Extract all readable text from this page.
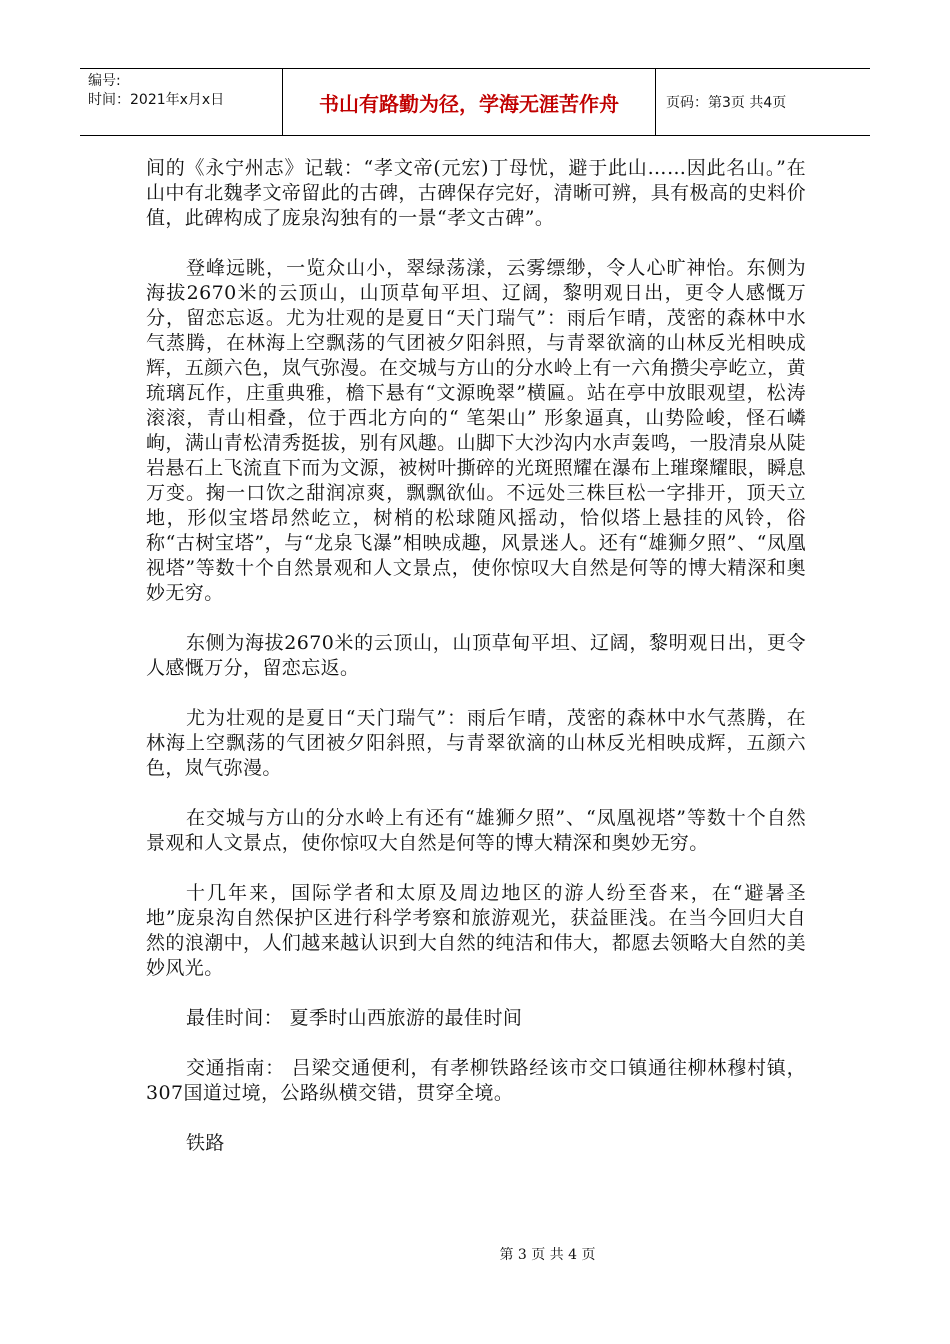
编号:
时间：2021年x月x日	书山有路勤为径，学海无涯苦作舟	页码：第3页 共4页

间的《永宁州志》记载：“孝文帝(元宏)丁母忧，避于此山……因此名山。”在山中有北魏孝文帝留此的古碑，古碑保存完好，清晰可辨，具有极高的史料价值，此碑构成了庞泉沟独有的一景“孝文古碑”。

登峰远眺，一览众山小，翠绿荡漾，云雾缥缈，令人心旷神怡。东侧为海拔2670米的云顶山，山顶草甸平坦、辽阔，黎明观日出，更令人感慨万分，留恋忘返。尤为壮观的是夏日“天门瑞气”：雨后乍晴，茂密的森林中水气蒸腾，在林海上空飘荡的气团被夕阳斜照，与青翠欲滴的山林反光相映成辉，五颜六色，岚气弥漫。在交城与方山的分水岭上有一六角攒尖亭屹立，黄琉璃瓦作，庄重典雅，檐下悬有“文源晚翠”横匾。站在亭中放眼观望，松涛滚滚，青山相叠，位于西北方向的“ 笔架山” 形象逼真，山势险峻，怪石嶙峋，满山青松清秀挺拔，别有风趣。山脚下大沙沟内水声轰鸣，一股清泉从陡岩悬石上飞流直下而为文源，被树叶撕碎的光斑照耀在瀑布上璀璨耀眼，瞬息万变。掬一口饮之甜润凉爽，飘飘欲仙。不远处三株巨松一字排开，顶天立地，形似宝塔昂然屹立，树梢的松球随风摇动，恰似塔上悬挂的风铃，俗称“古树宝塔”，与“龙泉飞瀑”相映成趣，风景迷人。还有“雄狮夕照”、“凤凰视塔”等数十个自然景观和人文景点，使你惊叹大自然是何等的博大精深和奥妙无穷。

东侧为海拔2670米的云顶山，山顶草甸平坦、辽阔，黎明观日出，更令人感慨万分，留恋忘返。

尤为壮观的是夏日“天门瑞气”：雨后乍晴，茂密的森林中水气蒸腾，在林海上空飘荡的气团被夕阳斜照，与青翠欲滴的山林反光相映成辉，五颜六色，岚气弥漫。

在交城与方山的分水岭上有还有“雄狮夕照”、“凤凰视塔”等数十个自然景观和人文景点，使你惊叹大自然是何等的博大精深和奥妙无穷。

十几年来，国际学者和太原及周边地区的游人纷至沓来，在“避暑圣地”庞泉沟自然保护区进行科学考察和旅游观光，获益匪浅。在当今回归大自然的浪潮中，人们越来越认识到大自然的纯洁和伟大，都愿去领略大自然的美妙风光。

最佳时间： 夏季时山西旅游的最佳时间

交通指南： 吕梁交通便利，有孝柳铁路经该市交口镇通往柳林穆村镇，307国道过境，公路纵横交错，贯穿全境。

铁路

第 3 页 共 4 页
